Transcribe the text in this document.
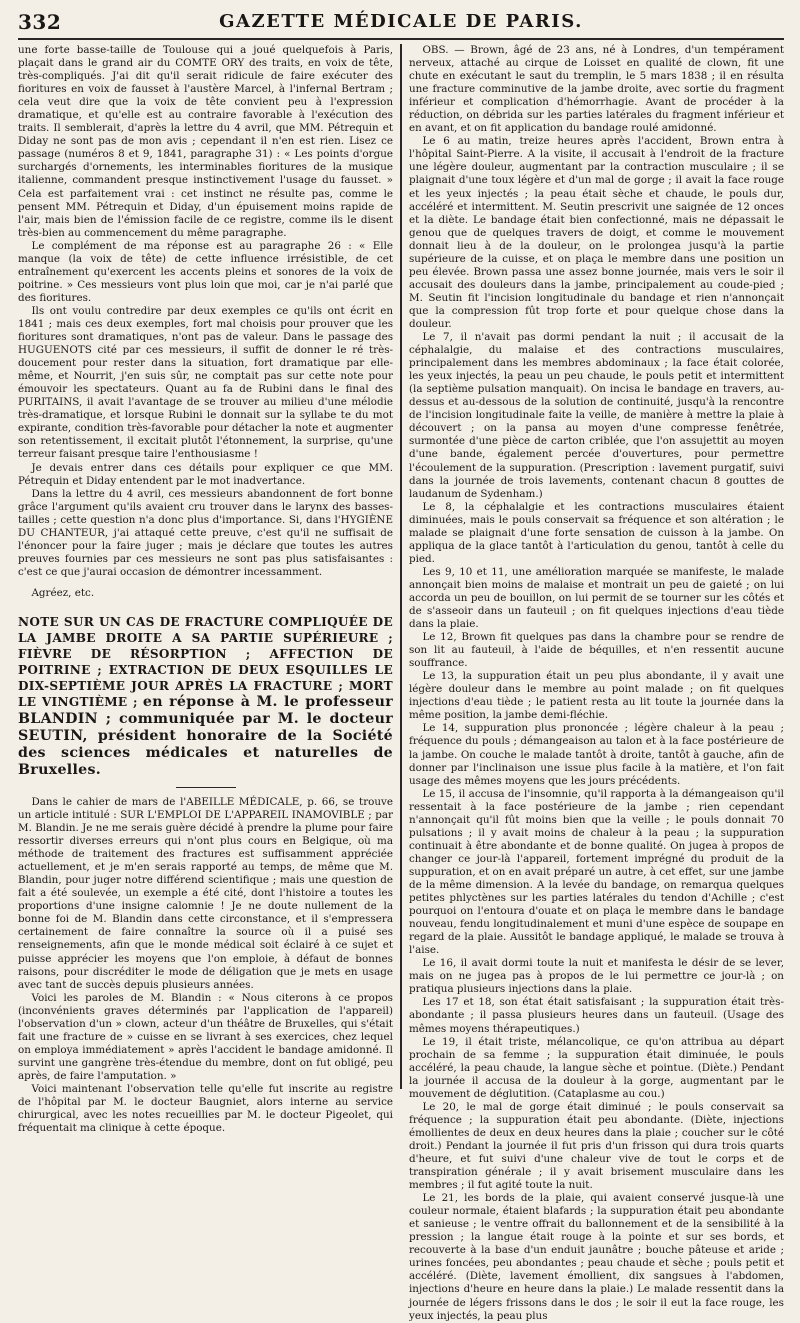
332	GAZETTE MÉDICALE DE PARIS.

une forte basse-taille de Toulouse qui a joué quelquefois à Paris, plaçait dans le grand air du COMTE ORY des traits, en voix de tête, très-compliqués. J'ai dit qu'il serait ridicule de faire exécuter des fioritures en voix de fausset à l'austère Marcel, à l'infernal Bertram ; cela veut dire que la voix de tête convient peu à l'expression dramatique, et qu'elle est au contraire favorable à l'exécution des traits. Il semblerait, d'après la lettre du 4 avril, que MM. Pétrequin et Diday ne sont pas de mon avis ; cependant il n'en est rien. Lisez ce passage (numéros 8 et 9, 1841, paragraphe 31) : « Les points d'orgue surchargés d'ornements, les interminables fioritures de la musique italienne, commandent presque instinctivement l'usage du fausset. » Cela est parfaitement vrai : cet instinct ne résulte pas, comme le pensent MM. Pétrequin et Diday, d'un épuisement moins rapide de l'air, mais bien de l'émission facile de ce registre, comme ils le disent très-bien au commencement du même paragraphe.

Le complément de ma réponse est au paragraphe 26 : « Elle manque (la voix de tête) de cette influence irrésistible, de cet entraînement qu'exercent les accents pleins et sonores de la voix de poitrine. » Ces messieurs vont plus loin que moi, car je n'ai parlé que des fioritures.

Ils ont voulu contredire par deux exemples ce qu'ils ont écrit en 1841 ; mais ces deux exemples, fort mal choisis pour prouver que les fioritures sont dramatiques, n'ont pas de valeur. Dans le passage des HUGUENOTS cité par ces messieurs, il suffit de donner le ré très-doucement pour rester dans la situation, fort dramatique par elle-même, et Nourrit, j'en suis sûr, ne comptait pas sur cette note pour émouvoir les spectateurs. Quant au fa de Rubini dans le final des PURITAINS, il avait l'avantage de se trouver au milieu d'une mélodie très-dramatique, et lorsque Rubini le donnait sur la syllabe te du mot expirante, condition très-favorable pour détacher la note et augmenter son retentissement, il excitait plutôt l'étonnement, la surprise, qu'une terreur faisant presque taire l'enthousiasme !

Je devais entrer dans ces détails pour expliquer ce que MM. Pétrequin et Diday entendent par le mot inadvertance.

Dans la lettre du 4 avril, ces messieurs abandonnent de fort bonne grâce l'argument qu'ils avaient cru trouver dans le larynx des basses-tailles ; cette question n'a donc plus d'importance. Si, dans l'HYGIÈNE DU CHANTEUR, j'ai attaqué cette preuve, c'est qu'il ne suffisait de l'énoncer pour la faire juger ; mais je déclare que toutes les autres preuves fournies par ces messieurs ne sont pas plus satisfaisantes : c'est ce que j'aurai occasion de démontrer incessamment.

Agréez, etc.

NOTE SUR UN CAS DE FRACTURE COMPLIQUÉE DE LA JAMBE DROITE A SA PARTIE SUPÉRIEURE ; FIÈVRE DE RÉSORPTION ; AFFECTION DE POITRINE ; EXTRACTION DE DEUX ESQUILLES LE DIX-SEPTIÈME JOUR APRÈS LA FRACTURE ; MORT LE VINGTIÈME ; en réponse à M. le professeur BLANDIN ; communiquée par M. le docteur SEUTIN, président honoraire de la Société des sciences médicales et naturelles de Bruxelles.

Dans le cahier de mars de l'ABEILLE MÉDICALE, p. 66, se trouve un article intitulé : SUR L'EMPLOI DE L'APPAREIL INAMOVIBLE ; par M. Blandin. Je ne me serais guère décidé à prendre la plume pour faire ressortir diverses erreurs qui n'ont plus cours en Belgique, où ma méthode de traitement des fractures est suffisamment appréciée actuellement, et je m'en serais rapporté au temps, de même que M. Blandin, pour juger notre différend scientifique ; mais une question de fait a été soulevée, un exemple a été cité, dont l'histoire a toutes les proportions d'une insigne calomnie ! Je ne doute nullement de la bonne foi de M. Blandin dans cette circonstance, et il s'empressera certainement de faire connaître la source où il a puisé ses renseignements, afin que le monde médical soit éclairé à ce sujet et puisse apprécier les moyens que l'on emploie, à défaut de bonnes raisons, pour discréditer le mode de déligation que je mets en usage avec tant de succès depuis plusieurs années.

Voici les paroles de M. Blandin : « Nous citerons à ce propos (inconvénients graves déterminés par l'application de l'appareil) l'observation d'un » clown, acteur d'un théâtre de Bruxelles, qui s'était fait une fracture de » cuisse en se livrant à ses exercices, chez lequel on employa immédiatement » après l'accident le bandage amidonné. Il survint une gangrène très-étendue du membre, dont on fut obligé, peu après, de faire l'amputation. »

Voici maintenant l'observation telle qu'elle fut inscrite au registre de l'hôpital par M. le docteur Baugniet, alors interne au service chirurgical, avec les notes recueillies par M. le docteur Pigeolet, qui fréquentait ma clinique à cette époque.

OBS. — Brown, âgé de 23 ans, né à Londres, d'un tempérament nerveux, attaché au cirque de Loisset en qualité de clown, fit une chute en exécutant le saut du tremplin, le 5 mars 1838 ; il en résulta une fracture comminutive de la jambe droite, avec sortie du fragment inférieur et complication d'hémorrhagie. Avant de procéder à la réduction, on débrida sur les parties latérales du fragment inférieur et en avant, et on fit application du bandage roulé amidonné.

Le 6 au matin, treize heures après l'accident, Brown entra à l'hôpital Saint-Pierre. A la visite, il accusait à l'endroit de la fracture une légère douleur, augmentant par la contraction musculaire ; il se plaignait d'une toux légère et d'un mal de gorge ; il avait la face rouge et les yeux injectés ; la peau était sèche et chaude, le pouls dur, accéléré et intermittent. M. Seutin prescrivit une saignée de 12 onces et la diète. Le bandage était bien confectionné, mais ne dépassait le genou que de quelques travers de doigt, et comme le mouvement donnait lieu à de la douleur, on le prolongea jusqu'à la partie supérieure de la cuisse, et on plaça le membre dans une position un peu élevée. Brown passa une assez bonne journée, mais vers le soir il accusait des douleurs dans la jambe, principalement au coude-pied ; M. Seutin fit l'incision longitudinale du bandage et rien n'annonçait que la compression fût trop forte et pour quelque chose dans la douleur.

Le 7, il n'avait pas dormi pendant la nuit ; il accusait de la céphalalgie, du malaise et des contractions musculaires, principalement dans les membres abdominaux ; la face était colorée, les yeux injectés, la peau un peu chaude, le pouls petit et intermittent (la septième pulsation manquait). On incisa le bandage en travers, au-dessus et au-dessous de la solution de continuité, jusqu'à la rencontre de l'incision longitudinale faite la veille, de manière à mettre la plaie à découvert ; on la pansa au moyen d'une compresse fenêtrée, surmontée d'une pièce de carton criblée, que l'on assujettit au moyen d'une bande, également percée d'ouvertures, pour permettre l'écoulement de la suppuration. (Prescription : lavement purgatif, suivi dans la journée de trois lavements, contenant chacun 8 gouttes de laudanum de Sydenham.)

Le 8, la céphalalgie et les contractions musculaires étaient diminuées, mais le pouls conservait sa fréquence et son altération ; le malade se plaignait d'une forte sensation de cuisson à la jambe. On appliqua de la glace tantôt à l'articulation du genou, tantôt à celle du pied.

Les 9, 10 et 11, une amélioration marquée se manifeste, le malade annonçait bien moins de malaise et montrait un peu de gaieté ; on lui accorda un peu de bouillon, on lui permit de se tourner sur les côtés et de s'asseoir dans un fauteuil ; on fit quelques injections d'eau tiède dans la plaie.

Le 12, Brown fit quelques pas dans la chambre pour se rendre de son lit au fauteuil, à l'aide de béquilles, et n'en ressentit aucune souffrance.

Le 13, la suppuration était un peu plus abondante, il y avait une légère douleur dans le membre au point malade ; on fit quelques injections d'eau tiède ; le patient resta au lit toute la journée dans la même position, la jambe demi-fléchie.

Le 14, suppuration plus prononcée ; légère chaleur à la peau ; fréquence du pouls ; démangeaison au talon et à la face postérieure de la jambe. On couche le malade tantôt à droite, tantôt à gauche, afin de donner par l'inclinaison une issue plus facile à la matière, et l'on fait usage des mêmes moyens que les jours précédents.

Le 15, il accusa de l'insomnie, qu'il rapporta à la démangeaison qu'il ressentait à la face postérieure de la jambe ; rien cependant n'annonçait qu'il fût moins bien que la veille ; le pouls donnait 70 pulsations ; il y avait moins de chaleur à la peau ; la suppuration continuait à être abondante et de bonne qualité. On jugea à propos de changer ce jour-là l'appareil, fortement imprégné du produit de la suppuration, et on en avait préparé un autre, à cet effet, sur une jambe de la même dimension. A la levée du bandage, on remarqua quelques petites phlyctènes sur les parties latérales du tendon d'Achille ; c'est pourquoi on l'entoura d'ouate et on plaça le membre dans le bandage nouveau, fendu longitudinalement et muni d'une espèce de soupape en regard de la plaie. Aussitôt le bandage appliqué, le malade se trouva à l'aise.

Le 16, il avait dormi toute la nuit et manifesta le désir de se lever, mais on ne jugea pas à propos de le lui permettre ce jour-là ; on pratiqua plusieurs injections dans la plaie.

Les 17 et 18, son état était satisfaisant ; la suppuration était très-abondante ; il passa plusieurs heures dans un fauteuil. (Usage des mêmes moyens thérapeutiques.)

Le 19, il était triste, mélancolique, ce qu'on attribua au départ prochain de sa femme ; la suppuration était diminuée, le pouls accéléré, la peau chaude, la langue sèche et pointue. (Diète.) Pendant la journée il accusa de la douleur à la gorge, augmentant par le mouvement de déglutition. (Cataplasme au cou.)

Le 20, le mal de gorge était diminué ; le pouls conservait sa fréquence ; la suppuration était peu abondante. (Diète, injections émollientes de deux en deux heures dans la plaie ; coucher sur le côté droit.) Pendant la journée il fut pris d'un frisson qui dura trois quarts d'heure, et fut suivi d'une chaleur vive de tout le corps et de transpiration générale ; il y avait brisement musculaire dans les membres ; il fut agité toute la nuit.

Le 21, les bords de la plaie, qui avaient conservé jusque-là une couleur normale, étaient blafards ; la suppuration était peu abondante et sanieuse ; le ventre offrait du ballonnement et de la sensibilité à la pression ; la langue était rouge à la pointe et sur ses bords, et recouverte à la base d'un enduit jaunâtre ; bouche pâteuse et aride ; urines foncées, peu abondantes ; peau chaude et sèche ; pouls petit et accéléré. (Diète, lavement émollient, dix sangsues à l'abdomen, injections d'heure en heure dans la plaie.) Le malade ressentit dans la journée de légers frissons dans le dos ; le soir il eut la face rouge, les yeux injectés, la peau plus
